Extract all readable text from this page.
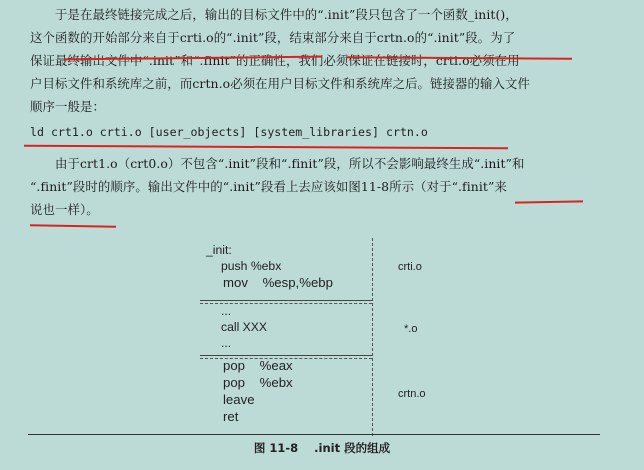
于是在最终链接完成之后，输出的目标文件中的“.init”段只包含了一个函数_init()，
这个函数的开始部分来自于crti.o的“.init”段，结束部分来自于crtn.o的“.init”段。为了
保证最终输出文件中“.init”和“.finit”的正确性，我们必须保证在链接时，crti.o必须在用
户目标文件和系统库之前，而crtn.o必须在用户目标文件和系统库之后。链接器的输入文件
顺序一般是：

ld crt1.o crti.o [user_objects] [system_libraries] crtn.o

由于crt1.o（crt0.o）不包含“.init”段和“.finit”段，所以不会影响最终生成“.init”和
“.finit”段时的顺序。输出文件中的“.init”段看上去应该如图11-8所示（对于“.finit”来
说也一样）。

_init:
push %ebx
mov    %esp,%ebp
...
call XXX
...
pop    %eax
pop    %ebx
leave
ret
crti.o
*.o
crtn.o
图 11-8    .init 段的组成
